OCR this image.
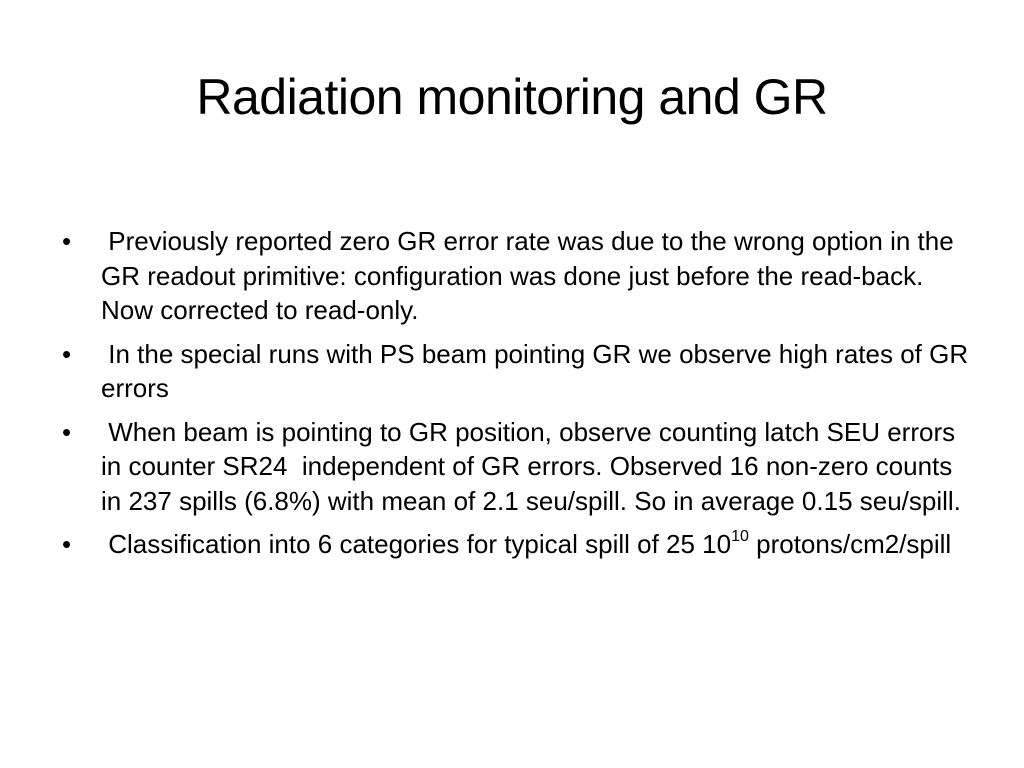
Radiation monitoring and GR
•	Previously reported zero GR error rate was due to the wrong option in the GR readout primitive: configuration was done just before the read-back. Now corrected to read-only.
•	In the special runs with PS beam pointing GR we observe high rates of GR errors
•	When beam is pointing to GR position, observe counting latch SEU errors in counter SR24  independent of GR errors. Observed 16 non-zero counts in 237 spills (6.8%) with mean of 2.1 seu/spill. So in average 0.15 seu/spill.
•	Classification into 6 categories for typical spill of 25 $10^{10}$ protons/cm2/spill
